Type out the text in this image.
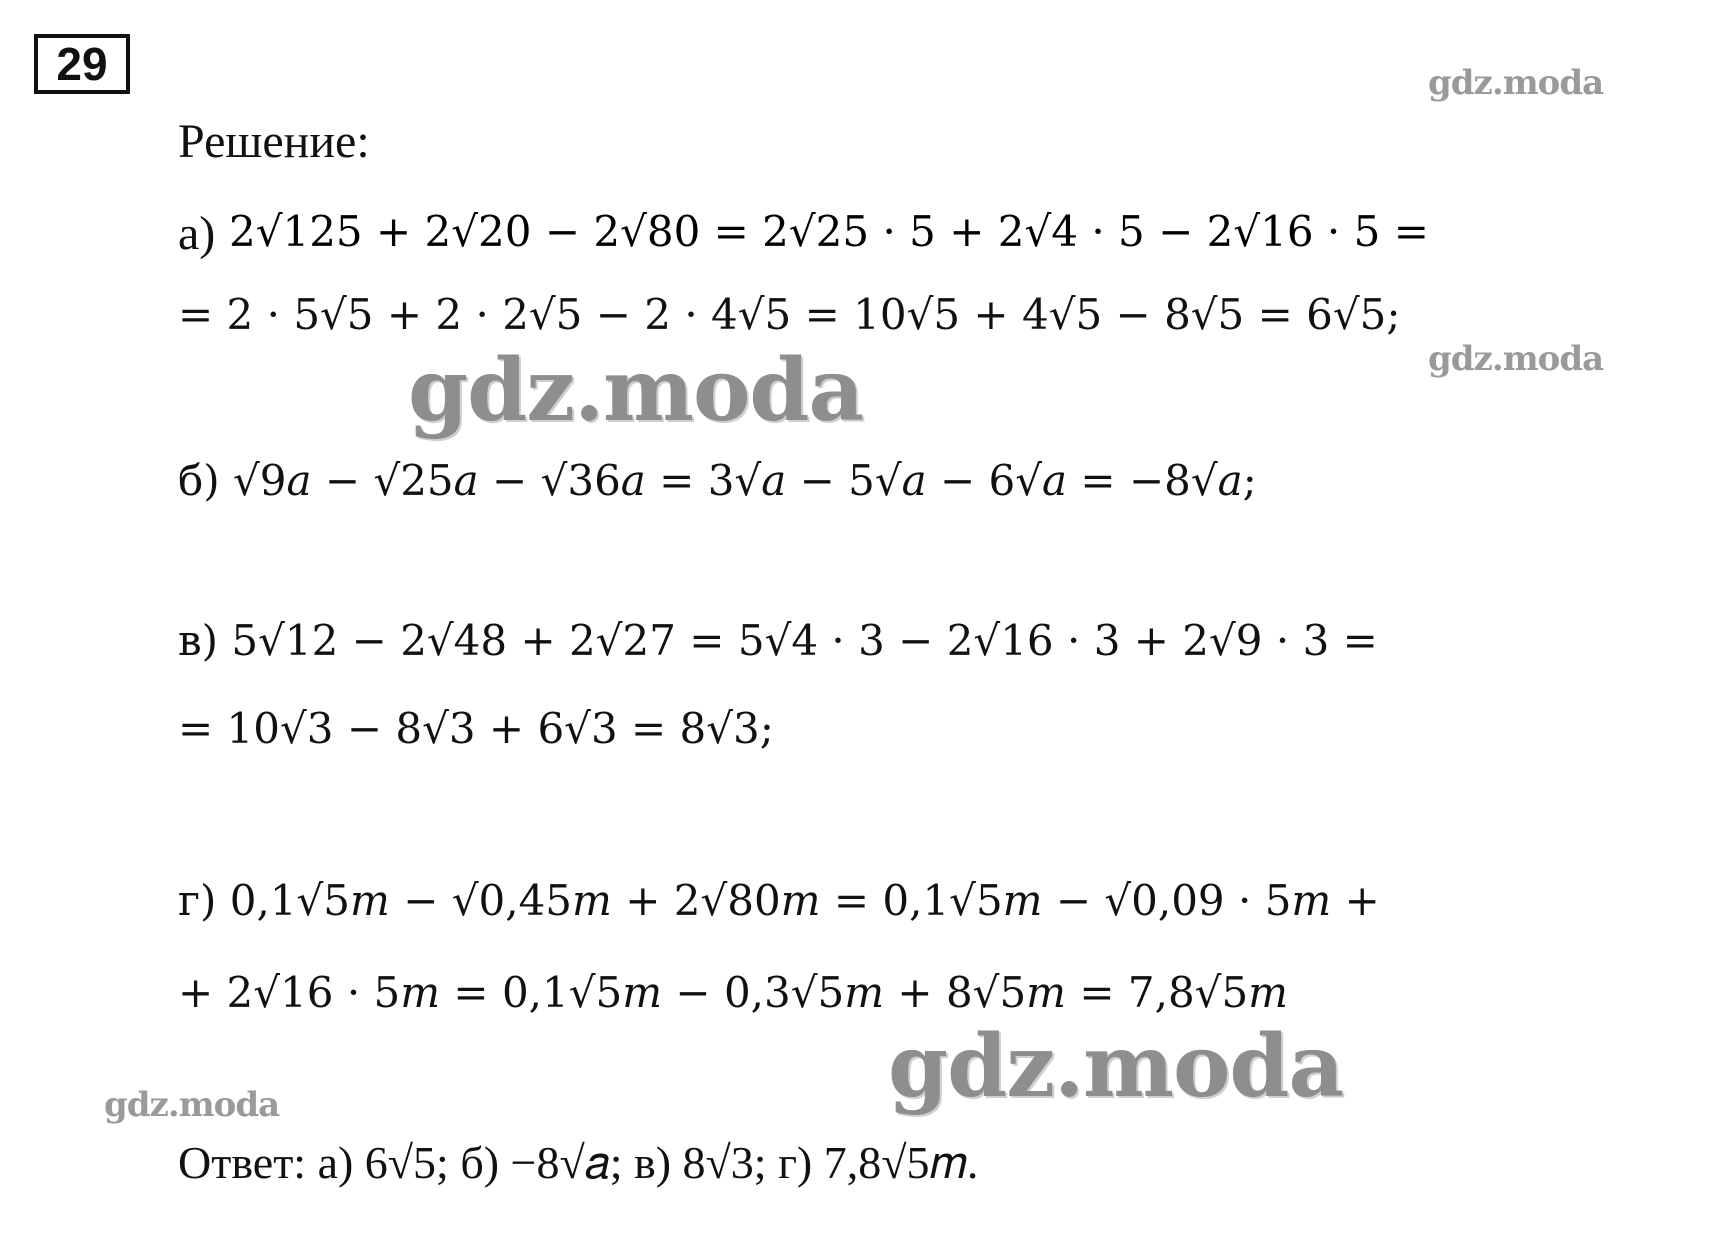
29	gdz.moda
Решение:
а) 2√125 + 2√20 − 2√80 = 2√25 · 5 + 2√4 · 5 − 2√16 · 5 =
= 2 · 5√5 + 2 · 2√5 − 2 · 4√5 = 10√5 + 4√5 − 8√5 = 6√5;
gdz.moda
gdz.moda
б) √9𝑎 − √25𝑎 − √36𝑎 = 3√𝑎 − 5√𝑎 − 6√𝑎 = −8√𝑎;
в) 5√12 − 2√48 + 2√27 = 5√4 · 3 − 2√16 · 3 + 2√9 · 3 =
= 10√3 − 8√3 + 6√3 = 8√3;
г) 0,1√5𝑚 − √0,45𝑚 + 2√80𝑚 = 0,1√5𝑚 − √0,09 · 5𝑚 +
+ 2√16 · 5𝑚 = 0,1√5𝑚 − 0,3√5𝑚 + 8√5𝑚 = 7,8√5𝑚
gdz.moda
gdz.moda
Ответ: а) 6√5; б) −8√𝑎; в) 8√3; г) 7,8√5𝑚.
